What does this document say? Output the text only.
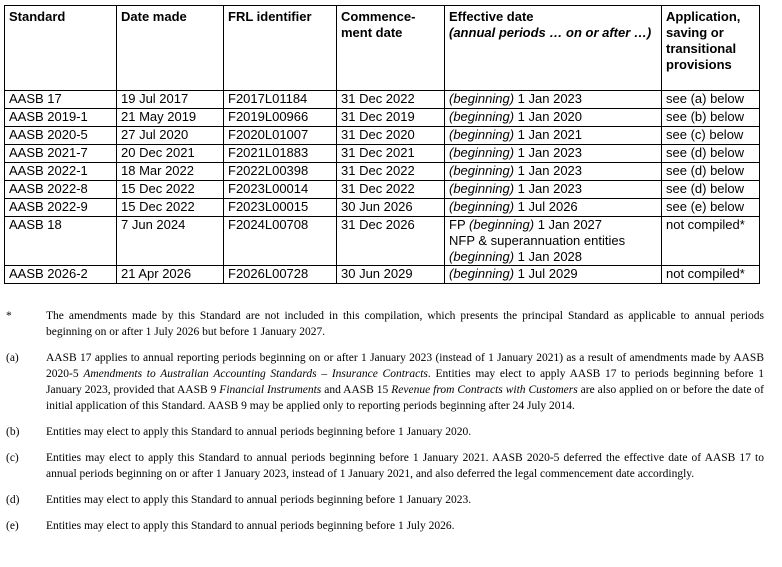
Standard	Date made	FRL identifier	Commence-ment date	Effective date
(annual periods … on or after …)	Application, saving or transitional provisions
AASB 17	19 Jul 2017	F2017L01184	31 Dec 2022	(beginning) 1 Jan 2023	see (a) below
AASB 2019-1	21 May 2019	F2019L00966	31 Dec 2019	(beginning) 1 Jan 2020	see (b) below
AASB 2020-5	27 Jul 2020	F2020L01007	31 Dec 2020	(beginning) 1 Jan 2021	see (c) below
AASB 2021-7	20 Dec 2021	F2021L01883	31 Dec 2021	(beginning) 1 Jan 2023	see (d) below
AASB 2022-1	18 Mar 2022	F2022L00398	31 Dec 2022	(beginning) 1 Jan 2023	see (d) below
AASB 2022-8	15 Dec 2022	F2023L00014	31 Dec 2022	(beginning) 1 Jan 2023	see (d) below
AASB 2022-9	15 Dec 2022	F2023L00015	30 Jun 2026	(beginning) 1 Jul 2026	see (e) below
AASB 18	7 Jun 2024	F2024L00708	31 Dec 2026	FP (beginning) 1 Jan 2027
NFP & superannuation entities
(beginning) 1 Jan 2028	not compiled*
AASB 2026-2	21 Apr 2026	F2026L00728	30 Jun 2029	(beginning) 1 Jul 2029	not compiled*
*	The amendments made by this Standard are not included in this compilation, which presents the principal Standard as applicable to annual periods beginning on or after 1 July 2026 but before 1 January 2027.
(a)	AASB 17 applies to annual reporting periods beginning on or after 1 January 2023 (instead of 1 January 2021) as a result of amendments made by AASB 2020-5 Amendments to Australian Accounting Standards – Insurance Contracts. Entities may elect to apply AASB 17 to periods beginning before 1 January 2023, provided that AASB 9 Financial Instruments and AASB 15 Revenue from Contracts with Customers are also applied on or before the date of initial application of this Standard. AASB 9 may be applied only to reporting periods beginning after 24 July 2014.
(b)	Entities may elect to apply this Standard to annual periods beginning before 1 January 2020.
(c)	Entities may elect to apply this Standard to annual periods beginning before 1 January 2021. AASB 2020-5 deferred the effective date of AASB 17 to annual periods beginning on or after 1 January 2023, instead of 1 January 2021, and also deferred the legal commencement date accordingly.
(d)	Entities may elect to apply this Standard to annual periods beginning before 1 January 2023.
(e)	Entities may elect to apply this Standard to annual periods beginning before 1 July 2026.
